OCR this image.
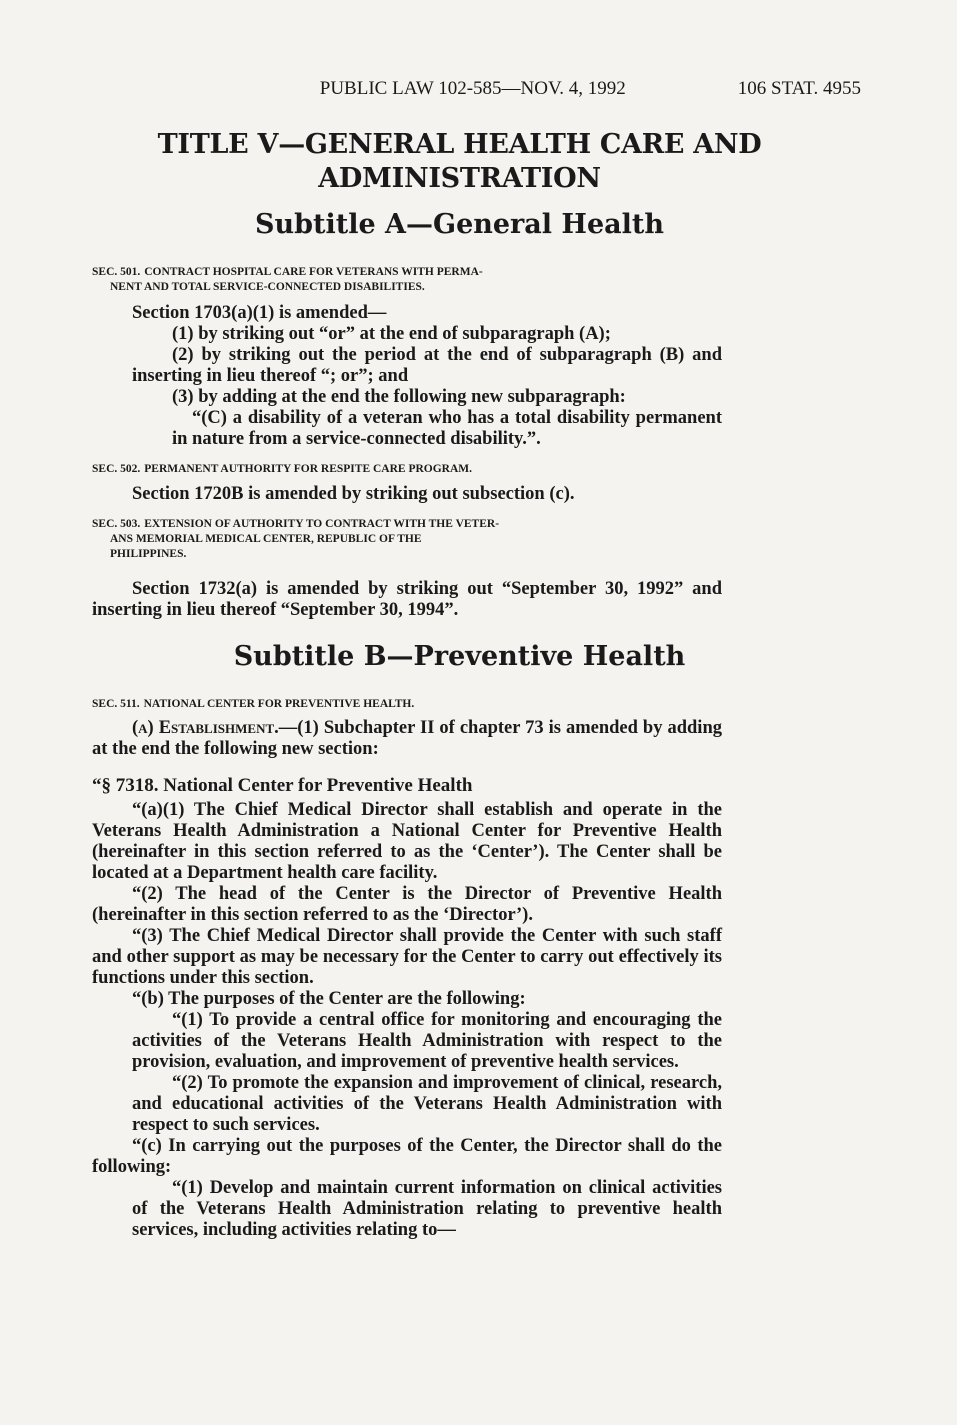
PUBLIC LAW 102-585—NOV. 4, 1992	106 STAT. 4955
TITLE V—GENERAL HEALTH CARE AND
ADMINISTRATION
Subtitle A—General Health
SEC. 501. CONTRACT HOSPITAL CARE FOR VETERANS WITH PERMA-
NENT AND TOTAL SERVICE-CONNECTED DISABILITIES.

Section 1703(a)(1) is amended—

(1) by striking out “or” at the end of subparagraph (A);

(2) by striking out the period at the end of subparagraph (B) and inserting in lieu thereof “; or”; and

(3) by adding at the end the following new subparagraph:

“(C) a disability of a veteran who has a total disability permanent in nature from a service-connected disability.”.

SEC. 502. PERMANENT AUTHORITY FOR RESPITE CARE PROGRAM.

Section 1720B is amended by striking out subsection (c).

SEC. 503. EXTENSION OF AUTHORITY TO CONTRACT WITH THE VETER-
ANS MEMORIAL MEDICAL CENTER, REPUBLIC OF THE
PHILIPPINES.

Section 1732(a) is amended by striking out “September 30, 1992” and inserting in lieu thereof “September 30, 1994”.

Subtitle B—Preventive Health
SEC. 511. NATIONAL CENTER FOR PREVENTIVE HEALTH.

(a) Establishment.—(1) Subchapter II of chapter 73 is amended by adding at the end the following new section:

“§ 7318. National Center for Preventive Health

“(a)(1) The Chief Medical Director shall establish and operate in the Veterans Health Administration a National Center for Preventive Health (hereinafter in this section referred to as the ‘Center’). The Center shall be located at a Department health care facility.

“(2) The head of the Center is the Director of Preventive Health (hereinafter in this section referred to as the ‘Director’).

“(3) The Chief Medical Director shall provide the Center with such staff and other support as may be necessary for the Center to carry out effectively its functions under this section.

“(b) The purposes of the Center are the following:

“(1) To provide a central office for monitoring and encouraging the activities of the Veterans Health Administration with respect to the provision, evaluation, and improvement of preventive health services.

“(2) To promote the expansion and improvement of clinical, research, and educational activities of the Veterans Health Administration with respect to such services.

“(c) In carrying out the purposes of the Center, the Director shall do the following:

“(1) Develop and maintain current information on clinical activities of the Veterans Health Administration relating to preventive health services, including activities relating to—
